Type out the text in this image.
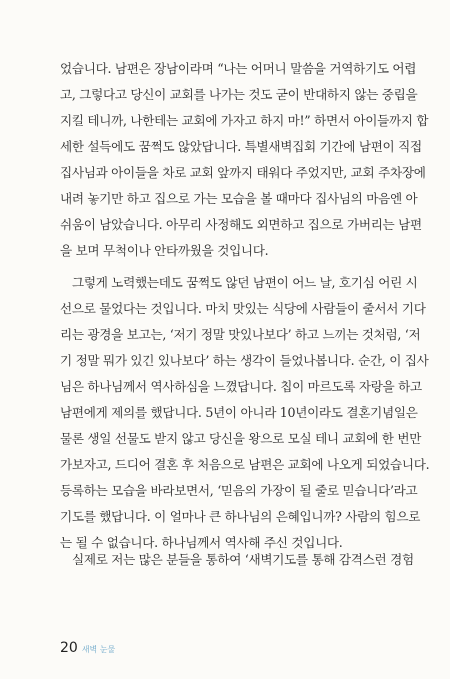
었습니다. 남편은 장남이라며 “나는 어머니 말씀을 거역하기도 어렵
고, 그렇다고 당신이 교회를 나가는 것도 굳이 반대하지 않는 중립을
지킬 테니까, 나한테는 교회에 가자고 하지 마!” 하면서 아이들까지 합
세한 설득에도 꿈쩍도 않았답니다. 특별새벽집회 기간에 남편이 직접
집사님과 아이들을 차로 교회 앞까지 태워다 주었지만, 교회 주차장에
내려 놓기만 하고 집으로 가는 모습을 볼 때마다 집사님의 마음엔 아
쉬움이 남았습니다. 아무리 사정해도 외면하고 집으로 가버리는 남편
을 보며 무척이나 안타까웠을 것입니다.
그렇게 노력했는데도 꿈쩍도 않던 남편이 어느 날, 호기심 어린 시
선으로 물었다는 것입니다. 마치 맛있는 식당에 사람들이 줄서서 기다
리는 광경을 보고는, ‘저기 정말 맛있나보다’ 하고 느끼는 것처럼, ‘저
기 정말 뭐가 있긴 있나보다’ 하는 생각이 들었나봅니다. 순간, 이 집사
님은 하나님께서 역사하심을 느꼈답니다. 칩이 마르도록 자랑을 하고
남편에게 제의를 했답니다. 5년이 아니라 10년이라도 결혼기념일은
물론 생일 선물도 받지 않고 당신을 왕으로 모실 테니 교회에 한 번만
가보자고, 드디어 결혼 후 처음으로 남편은 교회에 나오게 되었습니다.
등록하는 모습을 바라보면서, ‘믿음의 가장이 될 줄로 믿습니다’라고
기도를 했답니다. 이 얼마나 큰 하나님의 은혜입니까? 사람의 힘으로
는 될 수 없습니다. 하나님께서 역사해 주신 것입니다.
실제로 저는 많은 분들을 통하여 ‘새벽기도를 통해 감격스런 경험
20 새벽 눈물
